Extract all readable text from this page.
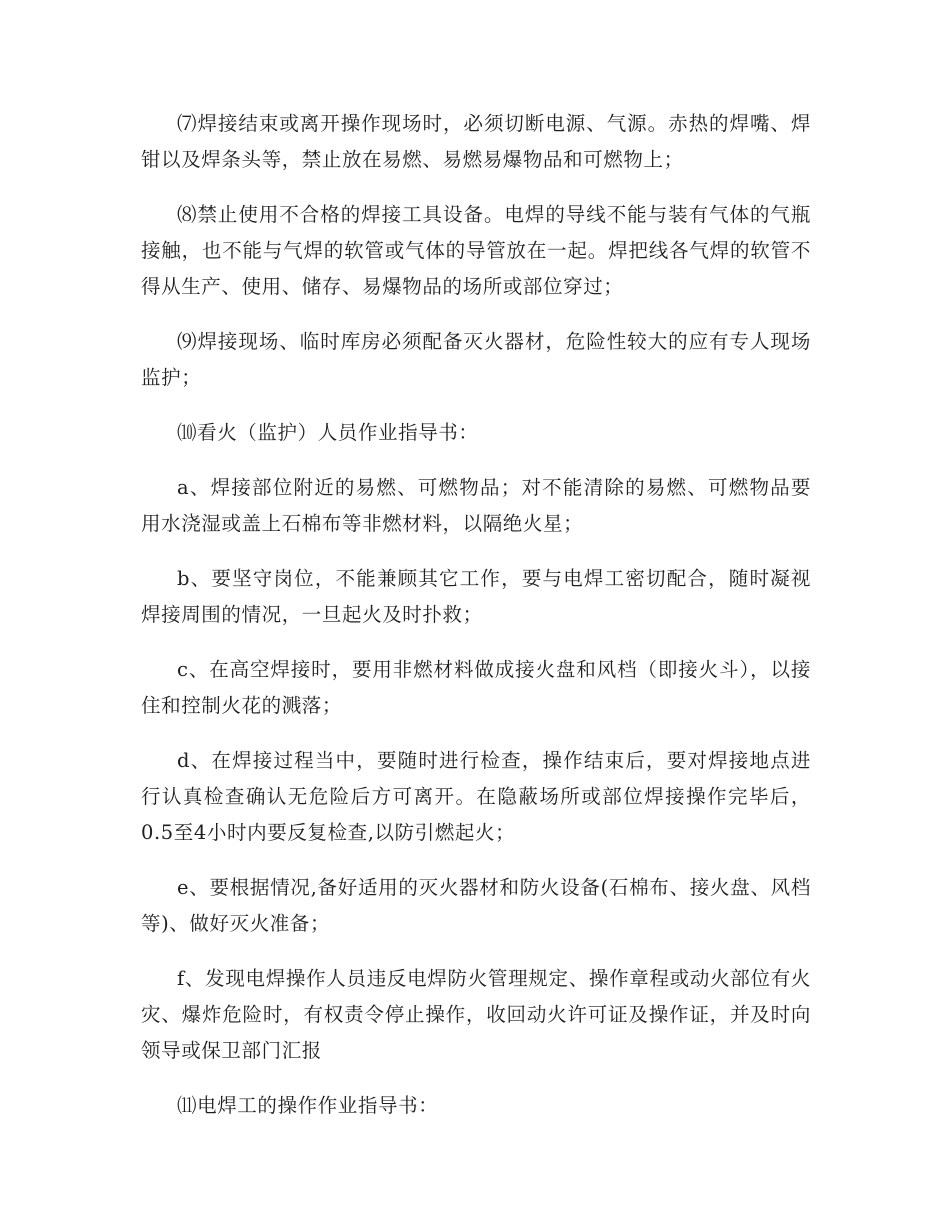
⑺焊接结束或离开操作现场时，必须切断电源、气源。赤热的焊嘴、焊钳以及焊条头等，禁止放在易燃、易燃易爆物品和可燃物上；

⑻禁止使用不合格的焊接工具设备。电焊的导线不能与装有气体的气瓶接触，也不能与气焊的软管或气体的导管放在一起。焊把线各气焊的软管不得从生产、使用、储存、易爆物品的场所或部位穿过；

⑼焊接现场、临时库房必须配备灭火器材，危险性较大的应有专人现场监护；

⑽看火（监护）人员作业指导书：

a、焊接部位附近的易燃、可燃物品；对不能清除的易燃、可燃物品要用水浇湿或盖上石棉布等非燃材料，以隔绝火星；

b、要坚守岗位，不能兼顾其它工作，要与电焊工密切配合，随时凝视焊接周围的情况，一旦起火及时扑救；

c、在高空焊接时，要用非燃材料做成接火盘和风档（即接火斗），以接住和控制火花的溅落；

d、在焊接过程当中，要随时进行检查，操作结束后，要对焊接地点进行认真检查确认无危险后方可离开。在隐蔽场所或部位焊接操作完毕后，0.5至4小时内要反复检查,以防引燃起火；

e、要根据情况,备好适用的灭火器材和防火设备(石棉布、接火盘、风档等)、做好灭火准备；

f、发现电焊操作人员违反电焊防火管理规定、操作章程或动火部位有火灾、爆炸危险时，有权责令停止操作，收回动火许可证及操作证，并及时向领导或保卫部门汇报

⑾电焊工的操作作业指导书：
